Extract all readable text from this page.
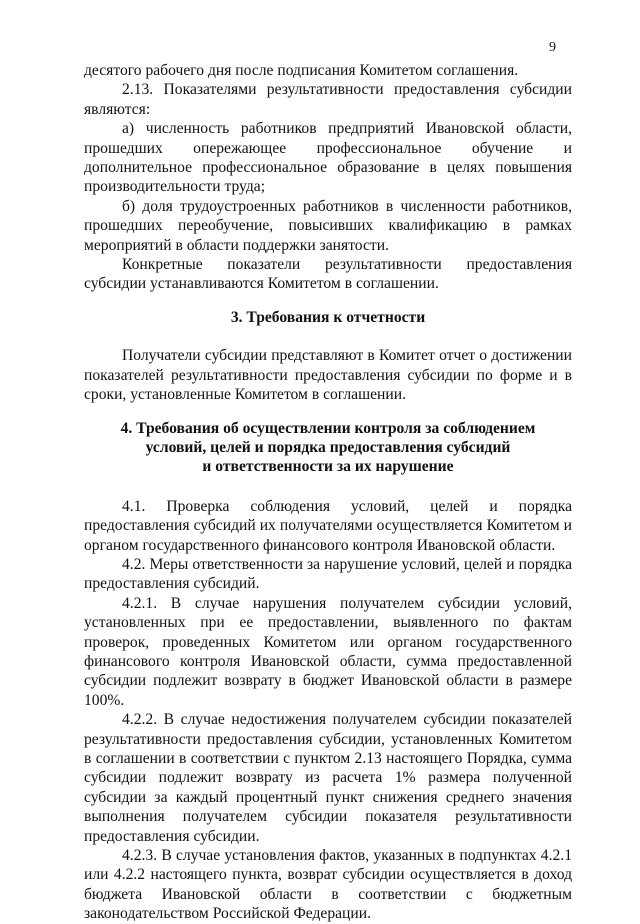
9

десятого рабочего дня после подписания Комитетом соглашения.

2.13. Показателями результативности предоставления субсидии являются:

а) численность работников предприятий Ивановской области, прошедших опережающее профессиональное обучение и дополнительное профессиональное образование в целях повышения производительности труда;

б) доля трудоустроенных работников в численности работников, прошедших переобучение, повысивших квалификацию в рамках мероприятий в области поддержки занятости.

Конкретные показатели результативности предоставления субсидии устанавливаются Комитетом в соглашении.

3. Требования к отчетности

Получатели субсидии представляют в Комитет отчет о достижении показателей результативности предоставления субсидии по форме и в сроки, установленные Комитетом в соглашении.

4. Требования об осуществлении контроля за соблюдением
условий, целей и порядка предоставления субсидий
и ответственности за их нарушение

4.1. Проверка соблюдения условий, целей и порядка предоставления субсидий их получателями осуществляется Комитетом и органом государственного финансового контроля Ивановской области.

4.2. Меры ответственности за нарушение условий, целей и порядка предоставления субсидий.

4.2.1. В случае нарушения получателем субсидии условий, установленных при ее предоставлении, выявленного по фактам проверок, проведенных Комитетом или органом государственного финансового контроля Ивановской области, сумма предоставленной субсидии подлежит возврату в бюджет Ивановской области в размере 100%.

4.2.2. В случае недостижения получателем субсидии показателей результативности предоставления субсидии, установленных Комитетом в соглашении в соответствии с пунктом 2.13 настоящего Порядка, сумма субсидии подлежит возврату из расчета 1% размера полученной субсидии за каждый процентный пункт снижения среднего значения выполнения получателем субсидии показателя результативности предоставления субсидии.

4.2.3. В случае установления фактов, указанных в подпунктах 4.2.1 или 4.2.2 настоящего пункта, возврат субсидии осуществляется в доход бюджета Ивановской области в соответствии с бюджетным законодательством Российской Федерации.
